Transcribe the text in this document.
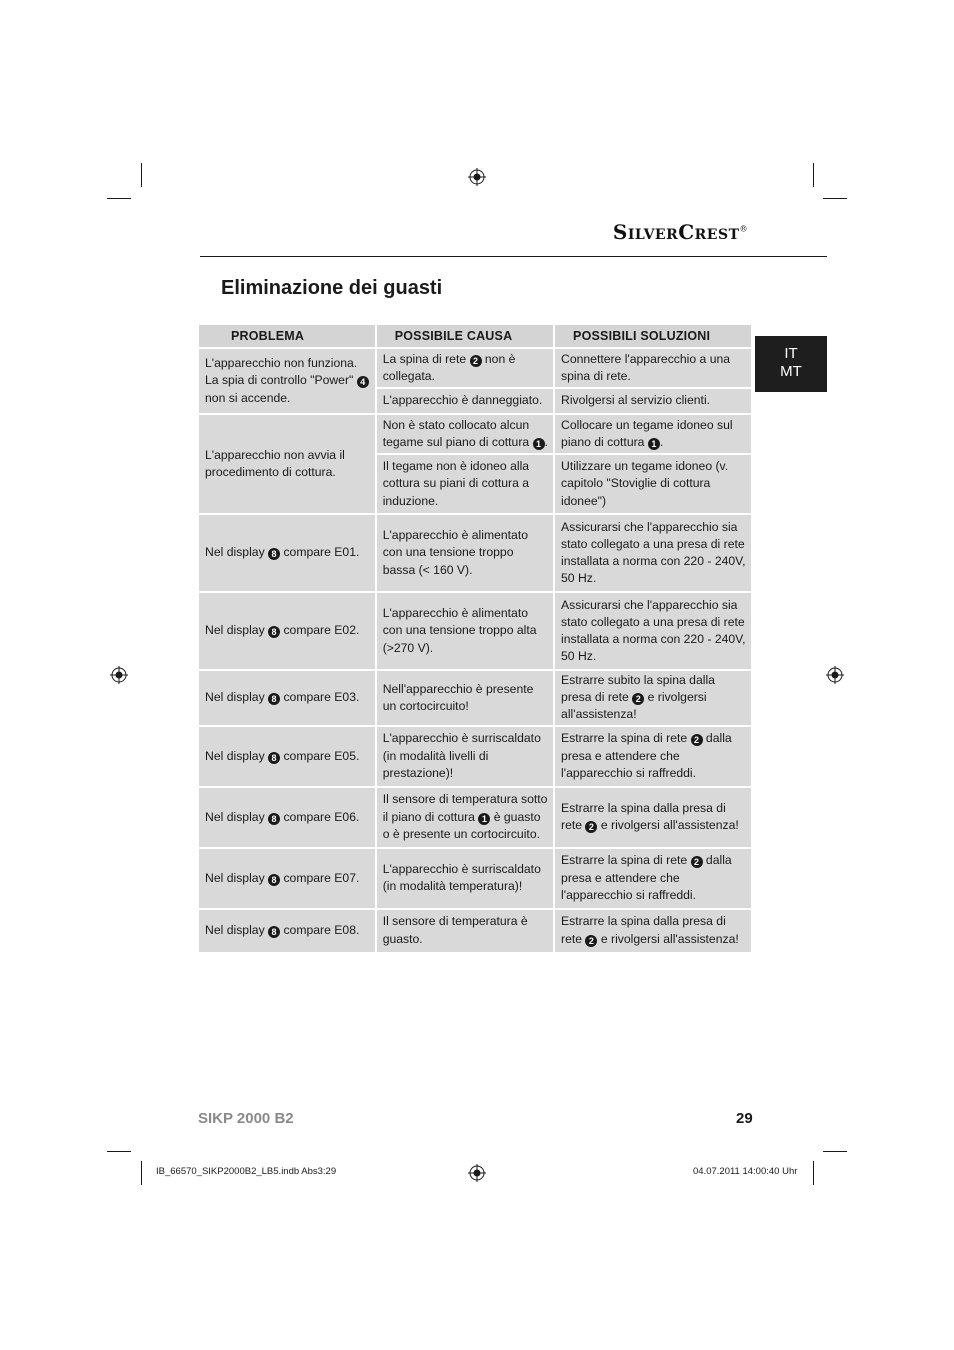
SilverCrest®
Eliminazione dei guasti
IT
MT
PROBLEMA	POSSIBILE CAUSA	POSSIBILI SOLUZIONI
L'apparecchio non funziona. La spia di controllo "Power" 4 non si accende.	La spina di rete 2 non è collegata.	Connettere l'apparecchio a una spina di rete.
	L'apparecchio è danneggiato.	Rivolgersi al servizio clienti.
L'apparecchio non avvia il procedimento di cottura.	Non è stato collocato alcun tegame sul piano di cottura 1 .	Collocare un tegame idoneo sul piano di cottura 1 .
	Il tegame non è idoneo alla cottura su piani di cottura a induzione.	Utilizzare un tegame idoneo (v. capitolo "Stoviglie di cottura idonee")
Nel display 8 compare E01.	L'apparecchio è alimentato con una tensione troppo bassa (< 160 V).	Assicurarsi che l'apparecchio sia stato collegato a una presa di rete installata a norma con 220 - 240V, 50 Hz.
Nel display 8 compare E02.	L'apparecchio è alimentato con una tensione troppo alta (>270 V).	Assicurarsi che l'apparecchio sia stato collegato a una presa di rete installata a norma con 220 - 240V, 50 Hz.
Nel display 8 compare E03.	Nell'apparecchio è presente un cortocircuito!	Estrarre subito la spina dalla presa di rete 2 e rivolgersi all'assistenza!
Nel display 8 compare E05.	L'apparecchio è surriscaldato (in modalità livelli di prestazione)!	Estrarre la spina di rete 2 dalla presa e attendere che l'apparecchio si raffreddi.
Nel display 8 compare E06.	Il sensore di temperatura sotto il piano di cottura 1 è guasto o è presente un cortocircuito.	Estrarre la spina dalla presa di rete 2 e rivolgersi all'assistenza!
Nel display 8 compare E07.	L'apparecchio è surriscaldato (in modalità temperatura)!	Estrarre la spina di rete 2 dalla presa e attendere che l'apparecchio si raffreddi.
Nel display 8 compare E08.	Il sensore di temperatura è guasto.	Estrarre la spina dalla presa di rete 2 e rivolgersi all'assistenza!
SIKP 2000 B2	29
IB_66570_SIKP2000B2_LB5.indb Abs3:29	04.07.2011 14:00:40 Uhr
